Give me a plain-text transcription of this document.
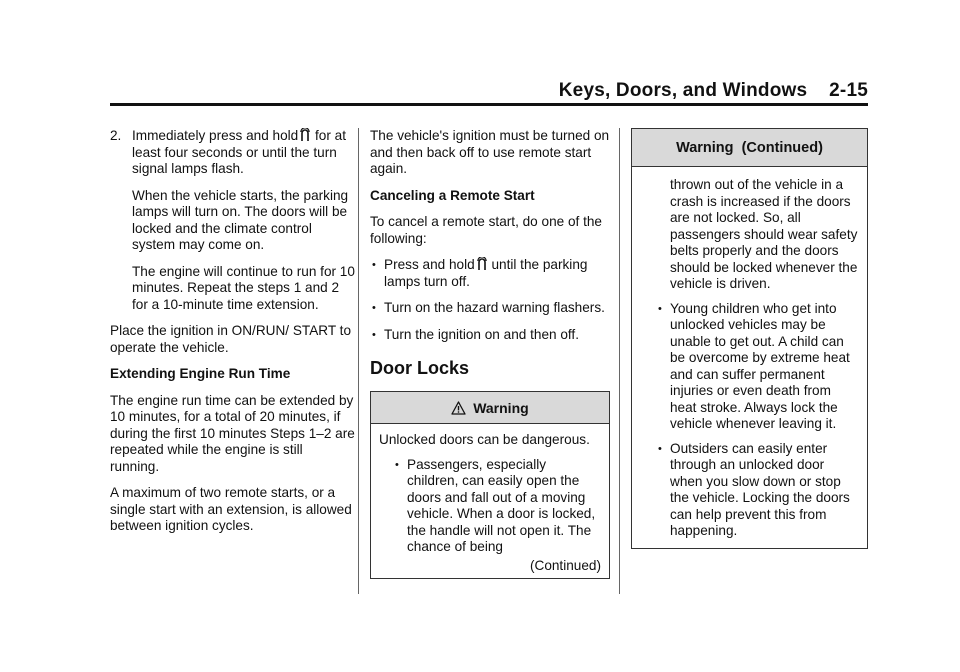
Keys, Doors, and Windows    2-15
2. Immediately press and hold for at least four seconds or until the turn signal lamps flash.
When the vehicle starts, the parking lamps will turn on. The doors will be locked and the climate control system may come on.
The engine will continue to run for 10 minutes. Repeat the steps 1 and 2 for a 10-minute time extension.
Place the ignition in ON/RUN/ START to operate the vehicle.
Extending Engine Run Time
The engine run time can be extended by 10 minutes, for a total of 20 minutes, if during the first 10 minutes Steps 1–2 are repeated while the engine is still running.
A maximum of two remote starts, or a single start with an extension, is allowed between ignition cycles.
The vehicle's ignition must be turned on and then back off to use remote start again.
Canceling a Remote Start
To cancel a remote start, do one of the following:
• Press and hold until the parking lamps turn off.
• Turn on the hazard warning flashers.
• Turn the ignition on and then off.
Door Locks
Warning
Unlocked doors can be dangerous.
• Passengers, especially children, can easily open the doors and fall out of a moving vehicle. When a door is locked, the handle will not open it. The chance of being
(Continued)
Warning  (Continued)
thrown out of the vehicle in a crash is increased if the doors are not locked. So, all passengers should wear safety belts properly and the doors should be locked whenever the vehicle is driven.
• Young children who get into unlocked vehicles may be unable to get out. A child can be overcome by extreme heat and can suffer permanent injuries or even death from heat stroke. Always lock the vehicle whenever leaving it.
• Outsiders can easily enter through an unlocked door when you slow down or stop the vehicle. Locking the doors can help prevent this from happening.
